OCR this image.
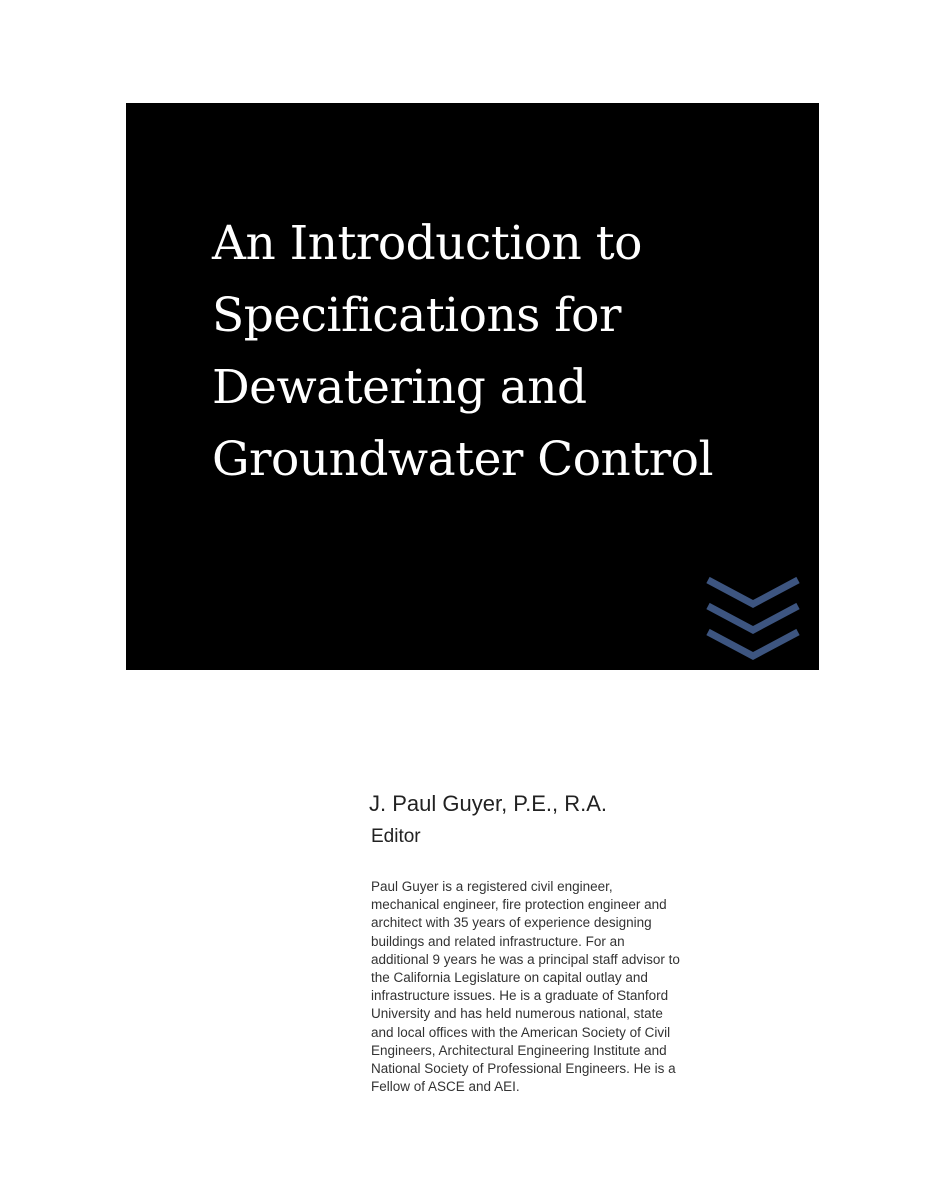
An Introduction to
Specifications for
Dewatering and
Groundwater Control
J. Paul Guyer, P.E., R.A.
Editor
Paul Guyer is a registered civil engineer,
mechanical engineer, fire protection engineer and
architect with 35 years of experience designing
buildings and related infrastructure. For an
additional 9 years he was a principal staff advisor to
the California Legislature on capital outlay and
infrastructure issues. He is a graduate of Stanford
University and has held numerous national, state
and local offices with the American Society of Civil
Engineers, Architectural Engineering Institute and
National Society of Professional Engineers. He is a
Fellow of ASCE and AEI.
